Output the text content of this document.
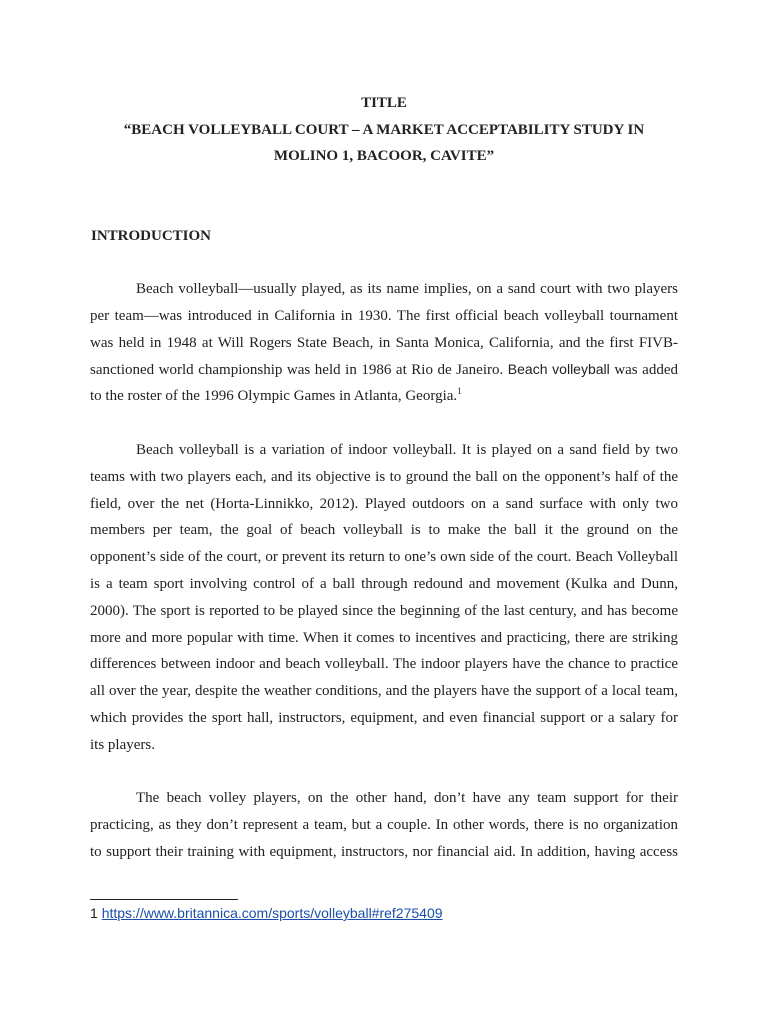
TITLE
“BEACH VOLLEYBALL COURT – A MARKET ACCEPTABILITY STUDY IN
MOLINO 1, BACOOR, CAVITE”
INTRODUCTION
Beach volleyball—usually played, as its name implies, on a sand court with two players
per team—was introduced in California in 1930. The first official beach volleyball tournament
was held in 1948 at Will Rogers State Beach, in Santa Monica, California, and the first FIVB-
sanctioned world championship was held in 1986 at Rio de Janeiro. Beach volleyball was added
to the roster of the 1996 Olympic Games in Atlanta, Georgia.$^1$
Beach volleyball is a variation of indoor volleyball. It is played on a sand field by two
teams with two players each, and its objective is to ground the ball on the opponent’s half of the
field, over the net (Horta-Linnikko, 2012). Played outdoors on a sand surface with only two
members per team, the goal of beach volleyball is to make the ball it the ground on the
opponent’s side of the court, or prevent its return to one’s own side of the court. Beach Volleyball
is a team sport involving control of a ball through redound and movement (Kulka and Dunn,
2000). The sport is reported to be played since the beginning of the last century, and has become
more and more popular with time. When it comes to incentives and practicing, there are striking
differences between indoor and beach volleyball. The indoor players have the chance to practice
all over the year, despite the weather conditions, and the players have the support of a local team,
which provides the sport hall, instructors, equipment, and even financial support or a salary for
its players.
The beach volley players, on the other hand, don’t have any team support for their
practicing, as they don’t represent a team, but a couple. In other words, there is no organization
to support their training with equipment, instructors, nor financial aid. In addition, having access
1 https://www.britannica.com/sports/volleyball#ref275409
